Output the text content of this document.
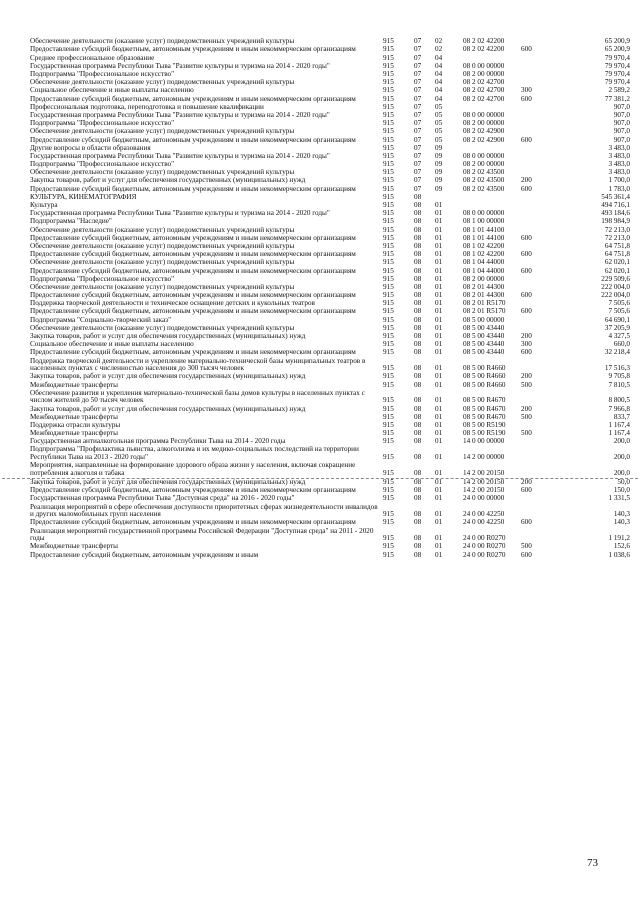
Обеспечение деятельности (оказание услуг) подведомственных учреждений культуры	915	07	02	08 2 02 42200	65 200,9
Предоставление субсидий бюджетным, автономным учреждениям и иным некоммерческим организациям	915	07	02	08 2 02 42200	600	65 200,9
Среднее профессиональное образование	915	07	04	79 970,4
Государственная программа Республики Тыва "Развитие культуры и туризма на 2014 - 2020 годы"	915	07	04	08 0 00 00000	79 970,4
Подпрограмма "Профессиональное искусство"	915	07	04	08 2 00 00000	79 970,4
Обеспечение деятельности (оказание услуг) подведомственных учреждений культуры	915	07	04	08 2 02 42700	79 970,4
Социальное обеспечение и иные выплаты населению	915	07	04	08 2 02 42700	300	2 589,2
Предоставление субсидий бюджетным, автономным учреждениям и иным некоммерческим организациям	915	07	04	08 2 02 42700	600	77 381,2
Профессиональная подготовка, переподготовка и повышение квалификации	915	07	05	907,0
Государственная программа Республики Тыва "Развитие культуры и туризма на 2014 - 2020 годы"	915	07	05	08 0 00 00000	907,0
Подпрограмма "Профессиональное искусство"	915	07	05	08 2 00 00000	907,0
Обеспечение деятельности (оказание услуг) подведомственных учреждений культуры	915	07	05	08 2 02 42900	907,0
Предоставление субсидий бюджетным, автономным учреждениям и иным некоммерческим организациям	915	07	05	08 2 02 42900	600	907,0
Другие вопросы в области образования	915	07	09	3 483,0
Государственная программа Республики Тыва "Развитие культуры и туризма на 2014 - 2020 годы"	915	07	09	08 0 00 00000	3 483,0
Подпрограмма "Профессиональное искусство"	915	07	09	08 2 00 00000	3 483,0
Обеспечение деятельности (оказание услуг) подведомственных учреждений культуры	915	07	09	08 2 02 43500	3 483,0
Закупка товаров, работ и услуг для обеспечения государственных (муниципальных) нужд	915	07	09	08 2 02 43500	200	1 700,0
Предоставление субсидий бюджетным, автономным учреждениям и иным некоммерческим организациям	915	07	09	08 2 02 43500	600	1 783,0
КУЛЬТУРА, КИНЕМАТОГРАФИЯ	915	08	545 361,4
Культура	915	08	01	494 716,1
Государственная программа Республики Тыва "Развитие культуры и туризма на 2014 - 2020 годы"	915	08	01	08 0 00 00000	493 184,6
Подпрограмма "Наследие"	915	08	01	08 1 00 00000	198 984,9
Обеспечение деятельности (оказание услуг) подведомственных учреждений культуры	915	08	01	08 1 01 44100	72 213,0
Предоставление субсидий бюджетным, автономным учреждениям и иным некоммерческим организациям	915	08	01	08 1 01 44100	600	72 213,0
Обеспечение деятельности (оказание услуг) подведомственных учреждений культуры	915	08	01	08 1 02 42200	64 751,8
Предоставление субсидий бюджетным, автономным учреждениям и иным некоммерческим организациям	915	08	01	08 1 02 42200	600	64 751,8
Обеспечение деятельности (оказание услуг) подведомственных учреждений культуры	915	08	01	08 1 04 44000	62 020,1
Предоставление субсидий бюджетным, автономным учреждениям и иным некоммерческим организациям	915	08	01	08 1 04 44000	600	62 020,1
Подпрограмма "Профессиональное искусство"	915	08	01	08 2 00 00000	229 509,6
Обеспечение деятельности (оказание услуг) подведомственных учреждений культуры	915	08	01	08 2 01 44300	222 004,0
Предоставление субсидий бюджетным, автономным учреждениям и иным некоммерческим организациям	915	08	01	08 2 01 44300	600	222 004,0
Поддержка творческой деятельности и техническое оснащение детских и кукольных театров	915	08	01	08 2 01 R5170	7 505,6
Предоставление субсидий бюджетным, автономным учреждениям и иным некоммерческим организациям	915	08	01	08 2 01 R5170	600	7 505,6
Подпрограмма "Социально-творческий заказ"	915	08	01	08 5 00 00000	64 690,1
Обеспечение деятельности (оказание услуг) подведомственных учреждений культуры	915	08	01	08 5 00 43440	37 205,9
Закупка товаров, работ и услуг для обеспечения государственных (муниципальных) нужд	915	08	01	08 5 00 43440	200	4 327,5
Социальное обеспечение и иные выплаты населению	915	08	01	08 5 00 43440	300	660,0
Предоставление субсидий бюджетным, автономным учреждениям и иным некоммерческим организациям	915	08	01	08 5 00 43440	600	32 218,4
Поддержка творческой деятельности и укрепление материально-технической базы муниципальных театров в населенных пунктах с численностью населения до 300 тысяч человек	915	08	01	08 5 00 R4660	17 516,3
Закупка товаров, работ и услуг для обеспечения государственных (муниципальных) нужд	915	08	01	08 5 00 R4660	200	9 705,8
Межбюджетные трансферты	915	08	01	08 5 00 R4660	500	7 810,5
Обеспечение развития и укрепления материально-технической базы домов культуры в населенных пунктах с числом жителей до 50 тысяч человек	915	08	01	08 5 00 R4670	8 800,5
Закупка товаров, работ и услуг для обеспечения государственных (муниципальных) нужд	915	08	01	08 5 00 R4670	200	7 966,8
Межбюджетные трансферты	915	08	01	08 5 00 R4670	500	833,7
Поддержка отрасли культуры	915	08	01	08 5 00 R5190	1 167,4
Межбюджетные трансферты	915	08	01	08 5 00 R5190	500	1 167,4
Государственная антиалкогольная программа Республики Тыва на 2014 - 2020 годы	915	08	01	14 0 00 00000	200,0
Подпрограмма "Профилактика пьянства, алкоголизма и их медико-социальных последствий на территории Республики Тыва на 2013 - 2020 годы"	915	08	01	14 2 00 00000	200,0
Мероприятия, направленные на формирование здорового образа жизни у населения, включая сокращение потребления алкоголя и табака	915	08	01	14 2 00 20150	200,0
Закупка товаров, работ и услуг для обеспечения государственных (муниципальных) нужд	915	08	01	14 2 00 20150	200	50,0
Предоставление субсидий бюджетным, автономным учреждениям и иным некоммерческим организациям	915	08	01	14 2 00 20150	600	150,0
Государственная программа Республики Тыва "Доступная среда" на 2016 - 2020 годы"	915	08	01	24 0 00 00000	1 331,5
Реализация мероприятий в сфере обеспечения доступности приоритетных сферах жизнедеятельности инвалидов и других маломобильных групп населения	915	08	01	24 0 00 42250	140,3
Предоставление субсидий бюджетным, автономным учреждениям и иным некоммерческим организациям	915	08	01	24 0 00 42250	600	140,3
Реализация мероприятий государственной программы Российской Федерации "Доступная среда" на 2011 - 2020 годы	915	08	01	24 0 00 R0270	1 191,2
Межбюджетные трансферты	915	08	01	24 0 00 R0270	500	152,6
Предоставление субсидий бюджетным, автономным учреждениям и иным	915	08	01	24 0 00 R0270	600	1 038,6
73
